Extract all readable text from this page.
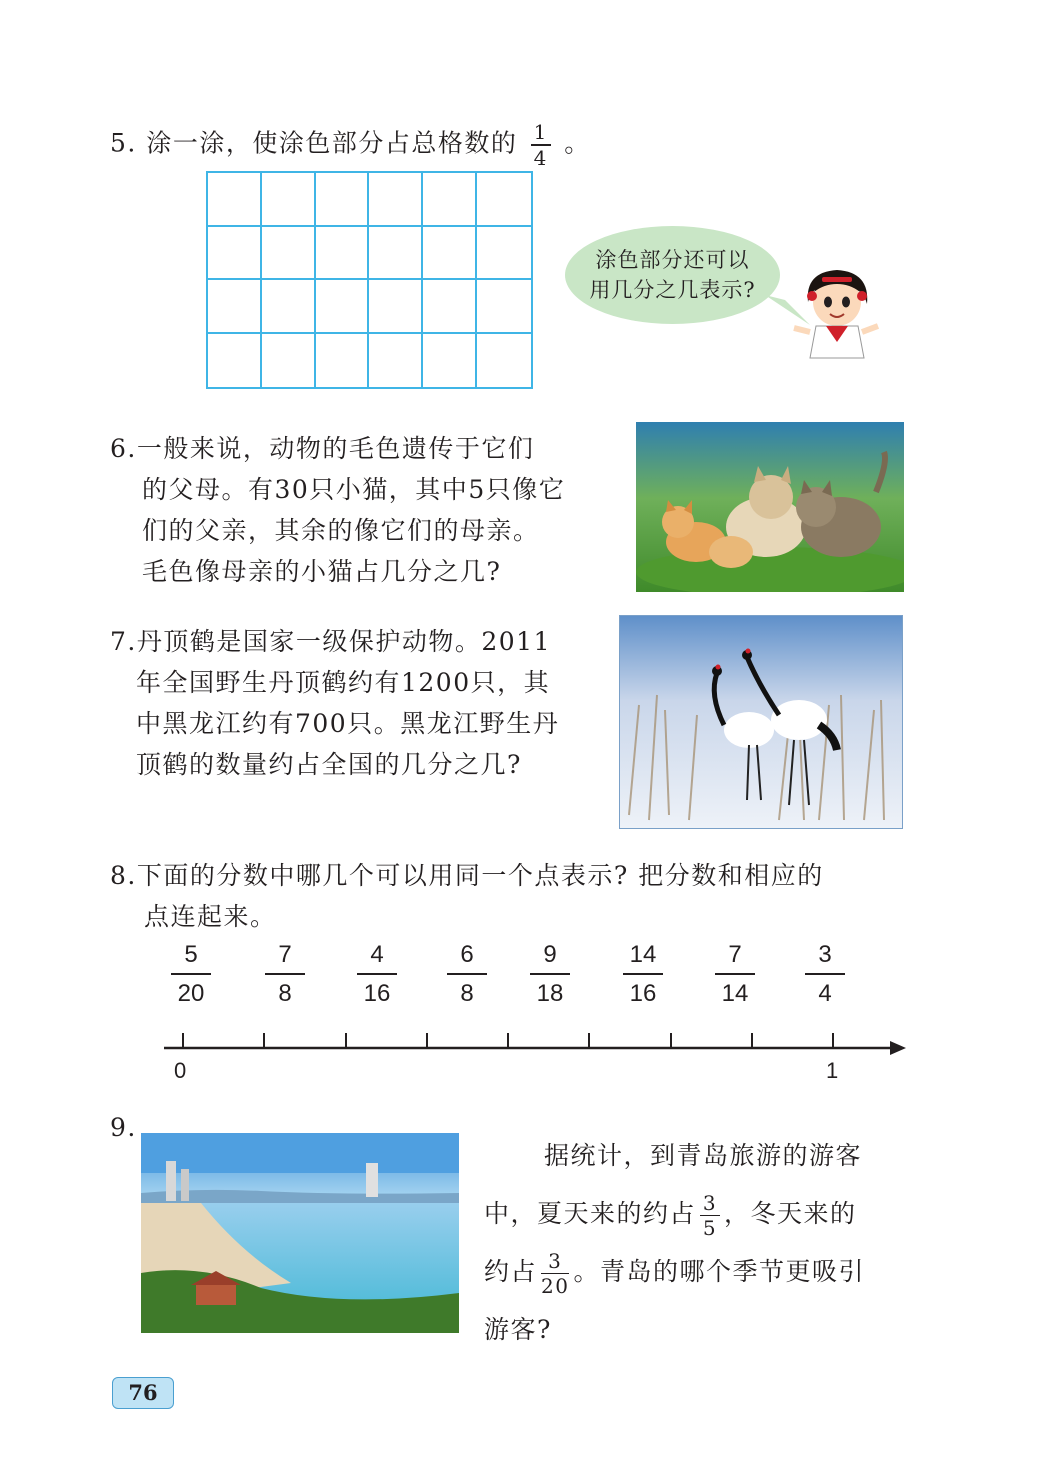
5. 涂一涂，使涂色部分占总格数的 $\frac{1}{4}$ 。
涂色部分还可以
用几分之几表示?
6.一般来说，动物的毛色遗传于它们
的父母。有30只小猫，其中5只像它
们的父亲，其余的像它们的母亲。
毛色像母亲的小猫占几分之几?
7.丹顶鹤是国家一级保护动物。2011
年全国野生丹顶鹤约有1200只，其
中黑龙江约有700只。黑龙江野生丹
顶鹤的数量约占全国的几分之几?
8.下面的分数中哪几个可以用同一个点表示? 把分数和相应的
点连起来。
5
20
7
8
4
16
6
8
9
18
14
16
7
14
3
4
0	1
9.
据统计，到青岛旅游的游客
中，夏天来的约占 $\frac{3}{5}$ ，冬天来的
约占 $\frac{3}{20}$ 。青岛的哪个季节更吸引
游客?
76
